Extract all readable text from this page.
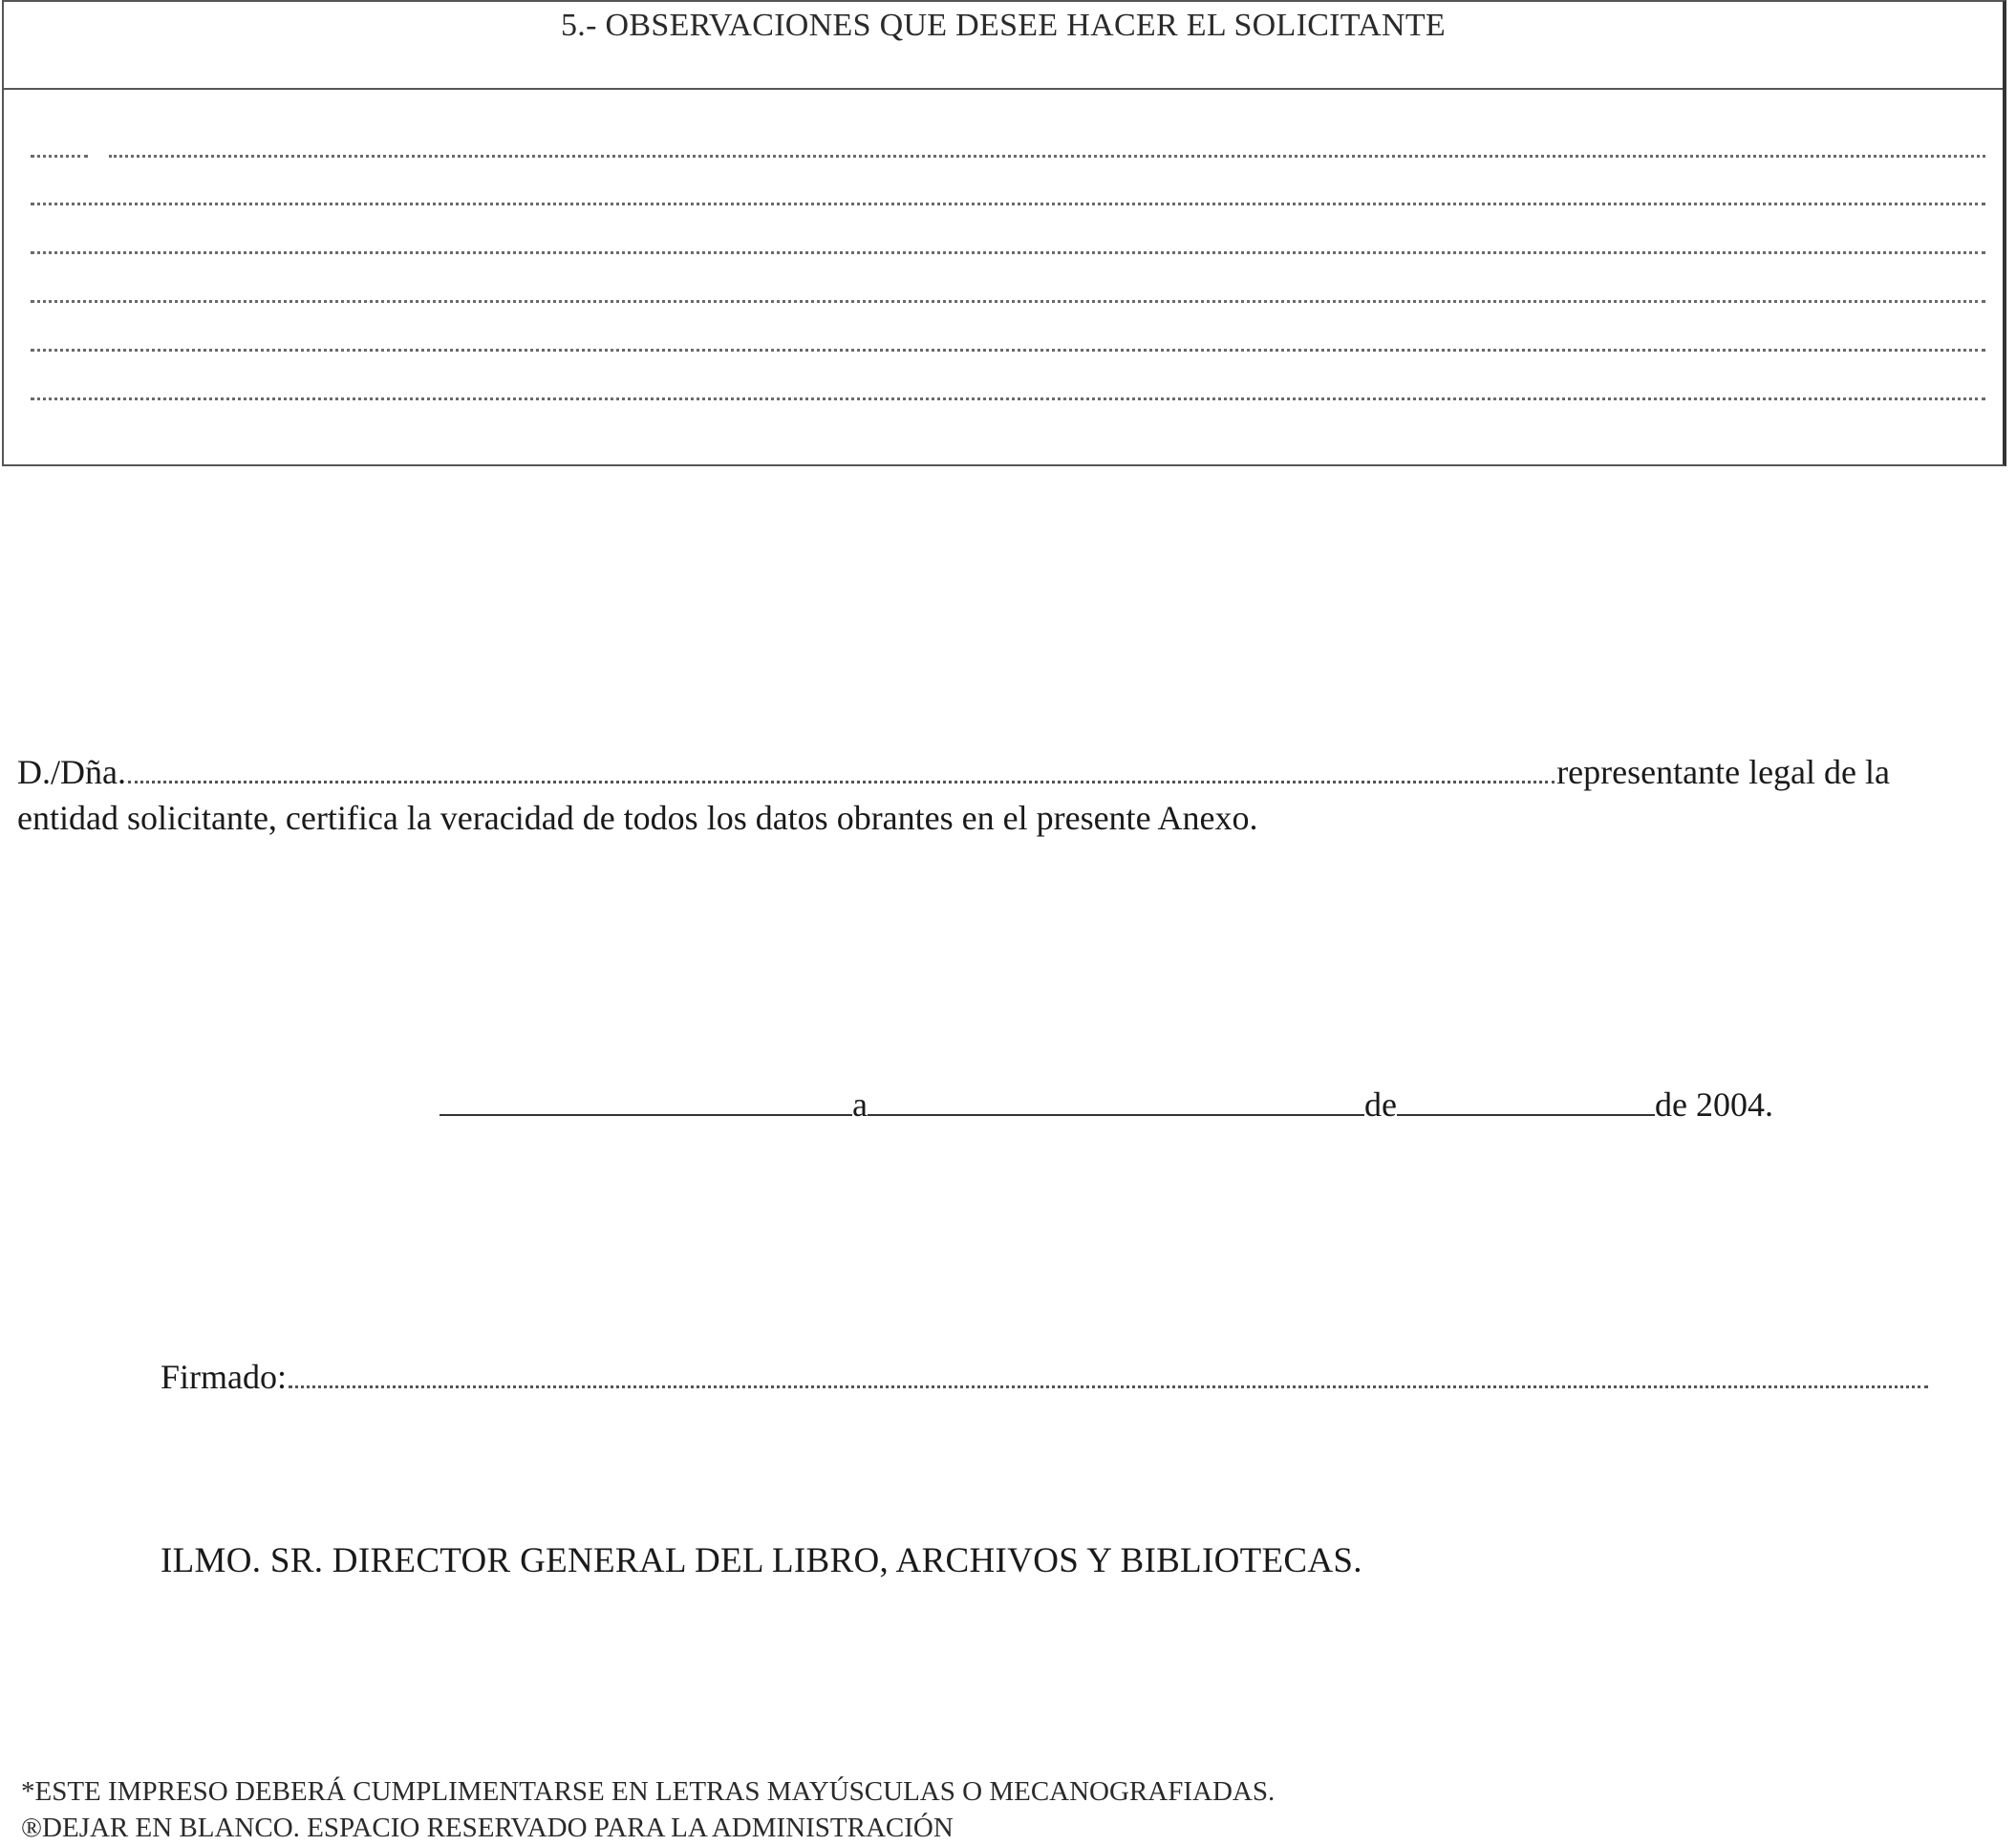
5.- OBSERVACIONES QUE DESEE HACER EL SOLICITANTE
D./Dña.	representante legal de la
entidad solicitante, certifica la veracidad de todos los datos obrantes en el presente Anexo.
a	de	de 2004.
Firmado:
ILMO. SR. DIRECTOR GENERAL DEL LIBRO, ARCHIVOS Y BIBLIOTECAS.
*ESTE IMPRESO DEBERÁ CUMPLIMENTARSE EN LETRAS MAYÚSCULAS O MECANOGRAFIADAS.
®DEJAR EN BLANCO. ESPACIO RESERVADO PARA LA ADMINISTRACIÓN
